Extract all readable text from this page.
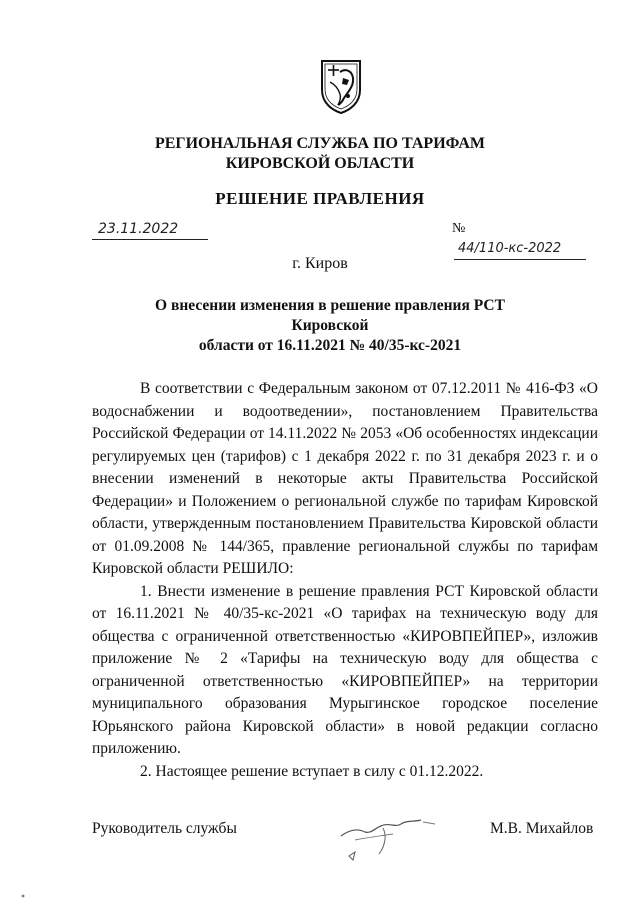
РЕГИОНАЛЬНАЯ СЛУЖБА ПО ТАРИФАМ
КИРОВСКОЙ ОБЛАСТИ
РЕШЕНИЕ ПРАВЛЕНИЯ
23.11.2022	№ 44/110-кс-2022
г. Киров
О внесении изменения в решение правления РСТ Кировской
области от 16.11.2021 № 40/35-кс-2021

В соответствии с Федеральным законом от 07.12.2011 № 416-ФЗ «О водоснабжении и водоотведении», постановлением Правительства Российской Федерации от 14.11.2022 № 2053 «Об особенностях индексации регулируемых цен (тарифов) с 1 декабря 2022 г. по 31 декабря 2023 г. и о внесении изменений в некоторые акты Правительства Российской Федерации» и Положением о региональной службе по тарифам Кировской области, утвержденным постановлением Правительства Кировской области от 01.09.2008 № 144/365, правление региональной службы по тарифам Кировской области РЕШИЛО:

1. Внести изменение в решение правления РСТ Кировской области от 16.11.2021 № 40/35-кс-2021 «О тарифах на техническую воду для общества с ограниченной ответственностью «КИРОВПЕЙПЕР», изложив приложение № 2 «Тарифы на техническую воду для общества с ограниченной ответственностью «КИРОВПЕЙПЕР» на территории муниципального образования Мурыгинское городское поселение Юрьянского района Кировской области» в новой редакции согласно приложению.

2. Настоящее решение вступает в силу с 01.12.2022.

Руководитель службы	М.В. Михайлов
